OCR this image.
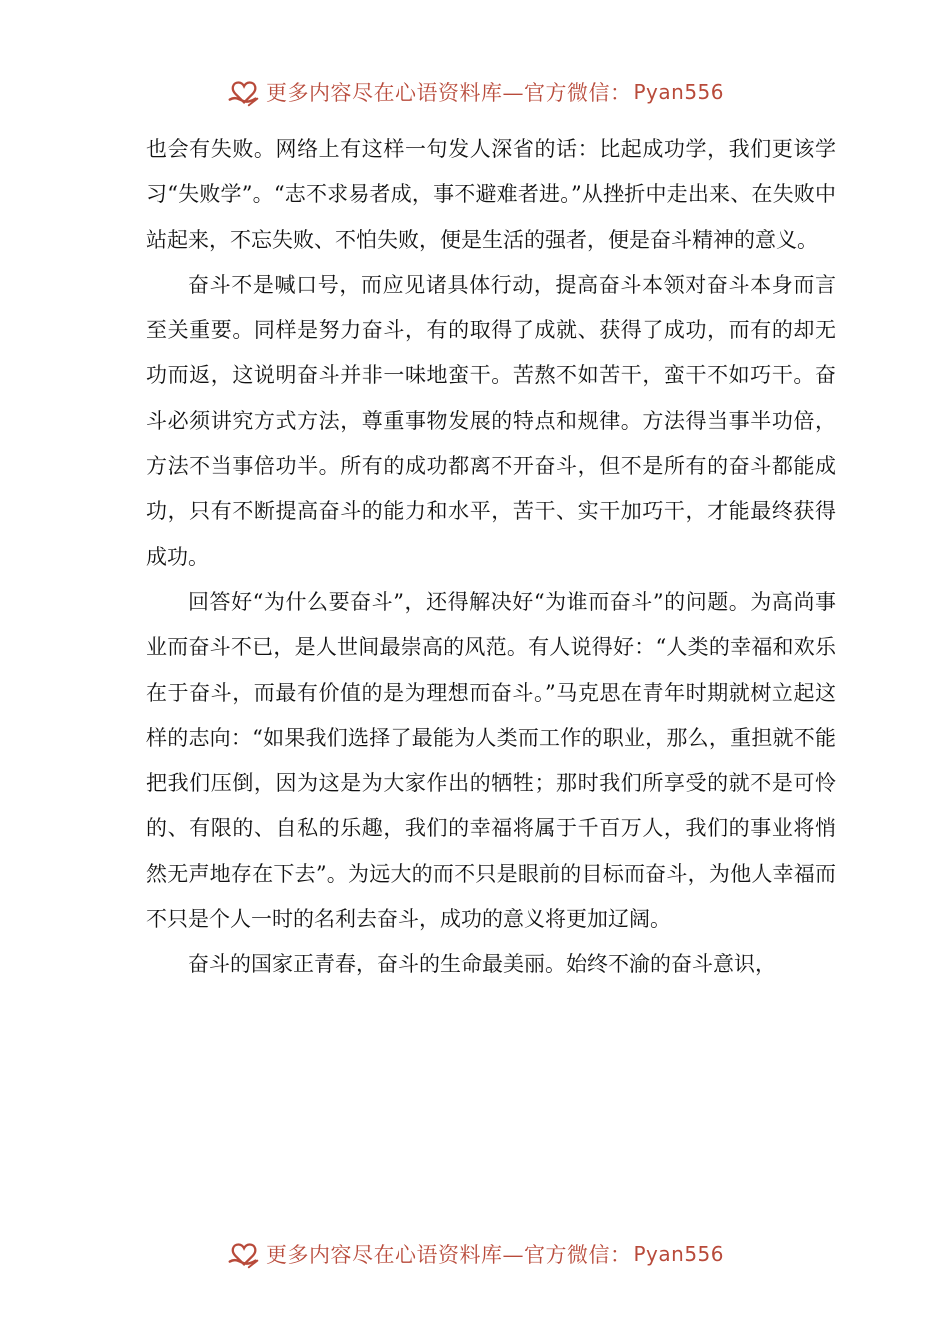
更多内容尽在心语资料库—官方微信： Pyan556

也会有失败。网络上有这样一句发人深省的话：比起成功学，我们更该学习“失败学”。“志不求易者成，事不避难者进。”从挫折中走出来、在失败中站起来，不忘失败、不怕失败，便是生活的强者，便是奋斗精神的意义。

奋斗不是喊口号，而应见诸具体行动，提高奋斗本领对奋斗本身而言至关重要。同样是努力奋斗，有的取得了成就、获得了成功，而有的却无功而返，这说明奋斗并非一味地蛮干。苦熬不如苦干，蛮干不如巧干。奋斗必须讲究方式方法，尊重事物发展的特点和规律。方法得当事半功倍，方法不当事倍功半。所有的成功都离不开奋斗，但不是所有的奋斗都能成功，只有不断提高奋斗的能力和水平，苦干、实干加巧干，才能最终获得成功。

回答好“为什么要奋斗”，还得解决好“为谁而奋斗”的问题。为高尚事业而奋斗不已，是人世间最崇高的风范。有人说得好：“人类的幸福和欢乐在于奋斗，而最有价值的是为理想而奋斗。”马克思在青年时期就树立起这样的志向：“如果我们选择了最能为人类而工作的职业，那么，重担就不能把我们压倒，因为这是为大家作出的牺牲；那时我们所享受的就不是可怜的、有限的、自私的乐趣，我们的幸福将属于千百万人，我们的事业将悄然无声地存在下去”。为远大的而不只是眼前的目标而奋斗，为他人幸福而不只是个人一时的名利去奋斗，成功的意义将更加辽阔。

奋斗的国家正青春，奋斗的生命最美丽。始终不渝的奋斗意识，

更多内容尽在心语资料库—官方微信： Pyan556
